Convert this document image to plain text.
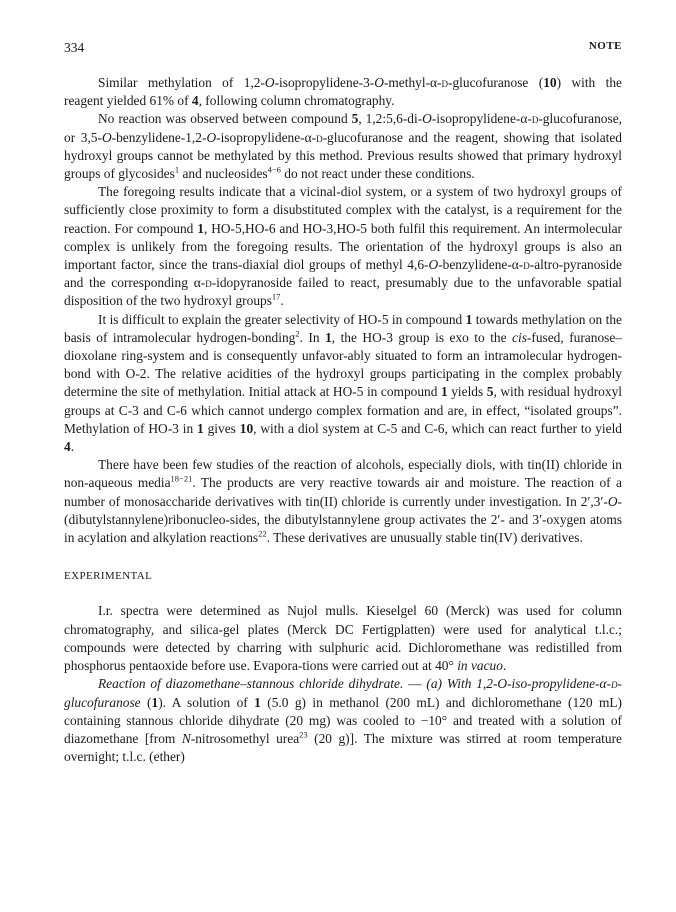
334	NOTE

Similar methylation of 1,2-O-isopropylidene-3-O-methyl-α-d-glucofuranose (10) with the reagent yielded 61% of 4, following column chromatography.

No reaction was observed between compound 5, 1,2:5,6-di-O-isopropylidene-α-d-glucofuranose, or 3,5-O-benzylidene-1,2-O-isopropylidene-α-d-glucofuranose and the reagent, showing that isolated hydroxyl groups cannot be methylated by this method. Previous results showed that primary hydroxyl groups of glycosides$^1$ and nucleosides$^{4-6}$ do not react under these conditions.

The foregoing results indicate that a vicinal-diol system, or a system of two hydroxyl groups of sufficiently close proximity to form a disubstituted complex with the catalyst, is a requirement for the reaction. For compound 1, HO-5,HO-6 and HO-3,HO-5 both fulfil this requirement. An intermolecular complex is unlikely from the foregoing results. The orientation of the hydroxyl groups is also an important factor, since the trans-diaxial diol groups of methyl 4,6-O-benzylidene-α-d-altro-pyranoside and the corresponding α-d-idopyranoside failed to react, presumably due to the unfavorable spatial disposition of the two hydroxyl groups$^{17}$.

It is difficult to explain the greater selectivity of HO-5 in compound 1 towards methylation on the basis of intramolecular hydrogen-bonding$^2$. In 1, the HO-3 group is exo to the cis-fused, furanose–dioxolane ring-system and is consequently unfavor-ably situated to form an intramolecular hydrogen-bond with O-2. The relative acidities of the hydroxyl groups participating in the complex probably determine the site of methylation. Initial attack at HO-5 in compound 1 yields 5, with residual hydroxyl groups at C-3 and C-6 which cannot undergo complex formation and are, in effect, “isolated groups”. Methylation of HO-3 in 1 gives 10, with a diol system at C-5 and C-6, which can react further to yield 4.

There have been few studies of the reaction of alcohols, especially diols, with tin(II) chloride in non-aqueous media$^{18-21}$. The products are very reactive towards air and moisture. The reaction of a number of monosaccharide derivatives with tin(II) chloride is currently under investigation. In 2′,3′-O-(dibutylstannylene)ribonucleo-sides, the dibutylstannylene group activates the 2′- and 3′-oxygen atoms in acylation and alkylation reactions$^{22}$. These derivatives are unusually stable tin(IV) derivatives.

EXPERIMENTAL

I.r. spectra were determined as Nujol mulls. Kieselgel 60 (Merck) was used for column chromatography, and silica-gel plates (Merck DC Fertigplatten) were used for analytical t.l.c.; compounds were detected by charring with sulphuric acid. Dichloromethane was redistilled from phosphorus pentaoxide before use. Evapora-tions were carried out at 40° in vacuo.

Reaction of diazomethane–stannous chloride dihydrate. — (a) With 1,2-O-iso-propylidene-α-d-glucofuranose (1). A solution of 1 (5.0 g) in methanol (200 mL) and dichloromethane (120 mL) containing stannous chloride dihydrate (20 mg) was cooled to −10° and treated with a solution of diazomethane [from N-nitrosomethyl urea$^{23}$ (20 g)]. The mixture was stirred at room temperature overnight; t.l.c. (ether)
